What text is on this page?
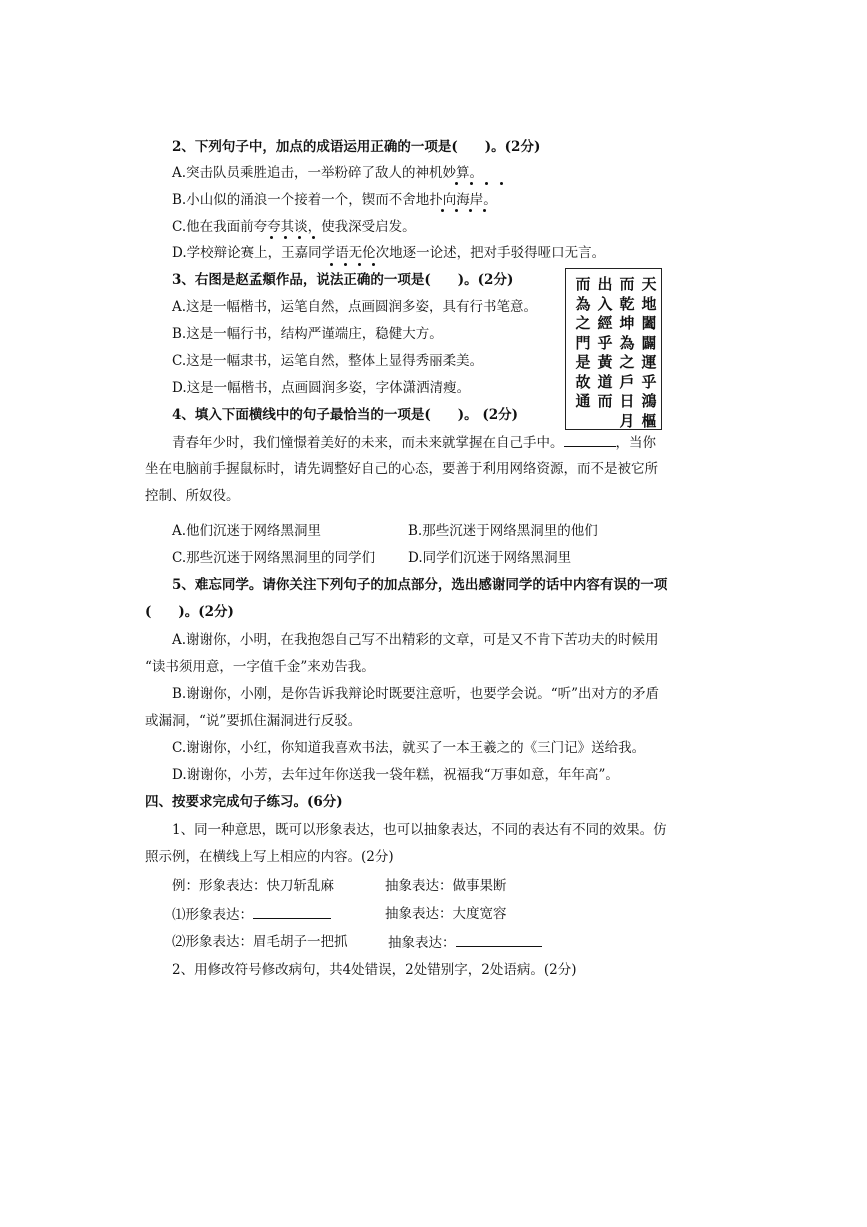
2、下列句子中，加点的成语运用正确的一项是(　　)。(2分)
A.突击队员乘胜追击，一举粉碎了敌人的神机妙算。
B.小山似的涌浪一个接着一个，锲而不舍地扑向海岸。
C.他在我面前夸夸其谈，使我深受启发。
D.学校辩论赛上，王嘉同学语无伦次地逐一论述，把对手驳得哑口无言。
3、右图是赵孟頫作品，说法正确的一项是(　　)。(2分)
A.这是一幅楷书，运笔自然，点画圆润多姿，具有行书笔意。
B.这是一幅行书，结构严谨端庄，稳健大方。
C.这是一幅隶书，运笔自然，整体上显得秀丽柔美。
D.这是一幅楷书，点画圆润多姿，字体潇洒清瘦。
天
地
闔
闢
運
乎
鴻
樞
而
乾
坤
為
之
戶
日
月
出
入
經
乎
黃
道
而
而
為
之
門
是
故
通
4、填入下面横线中的句子最恰当的一项是(　　)。 (2分)
青春年少时，我们憧憬着美好的未来，而未来就掌握在自己手中。	，当你
坐在电脑前手握鼠标时，请先调整好自己的心态，要善于利用网络资源，而不是被它所
控制、所奴役。
A.他们沉迷于网络黑洞里	B.那些沉迷于网络黑洞里的他们
C.那些沉迷于网络黑洞里的同学们 D.同学们沉迷于网络黑洞里
5、难忘同学。请你关注下列句子的加点部分，选出感谢同学的话中内容有误的一项
(　　)。(2分)
A.谢谢你，小明，在我抱怨自己写不出精彩的文章，可是又不肯下苦功夫的时候用
“读书须用意，一字值千金”来劝告我。
B.谢谢你，小刚，是你告诉我辩论时既要注意听，也要学会说。“听”出对方的矛盾
或漏洞，“说”要抓住漏洞进行反驳。
C.谢谢你，小红，你知道我喜欢书法，就买了一本王羲之的《三门记》送给我。
D.谢谢你，小芳，去年过年你送我一袋年糕，祝福我“万事如意，年年高”。
四、按要求完成句子练习。(6分)
1、同一种意思，既可以形象表达，也可以抽象表达，不同的表达有不同的效果。仿
照示例，在横线上写上相应的内容。(2分)
例：形象表达：快刀斩乱麻	抽象表达：做事果断
⑴形象表达：	抽象表达：大度宽容
⑵形象表达：眉毛胡子一把抓	抽象表达：
2、用修改符号修改病句，共4处错误，2处错别字，2处语病。(2分)
